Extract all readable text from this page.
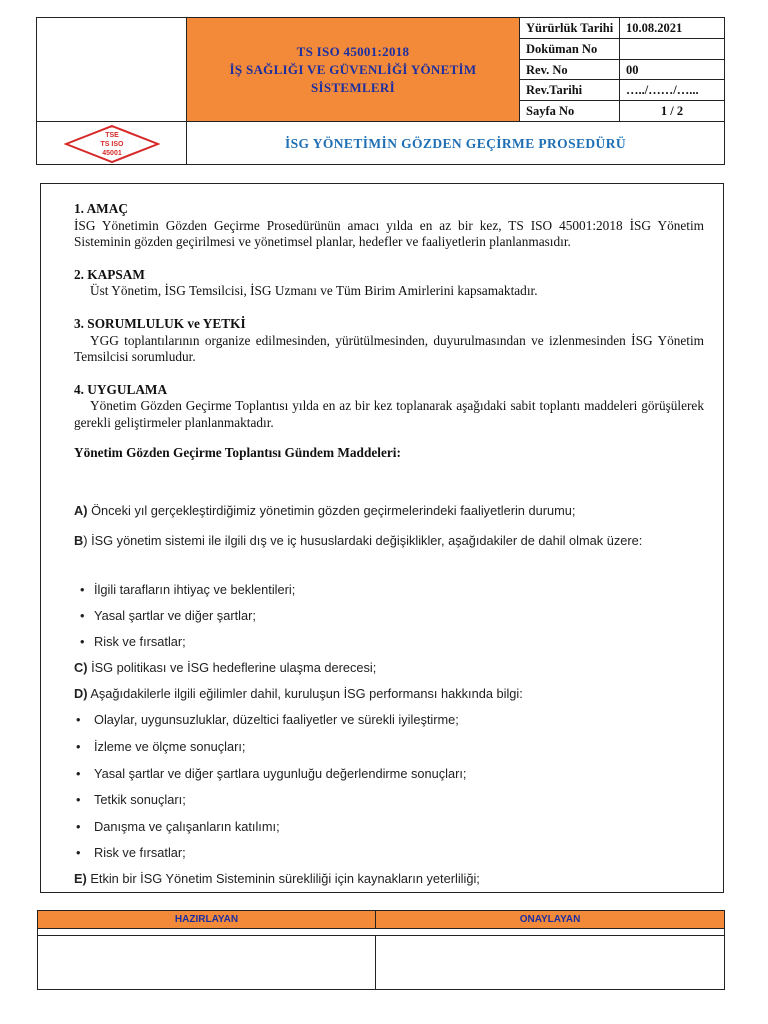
TS ISO 45001:2018
İŞ SAĞLIĞI VE GÜVENLİĞİ YÖNETİM
SİSTEMLERİ
Yürürlük Tarihi	10.08.2021
Doküman No
Rev. No	00
Rev.Tarihi	…../……/…...
Sayfa No	1 / 2
TSE
TS ISO
45001
İSG YÖNETİMİN GÖZDEN GEÇİRME PROSEDÜRÜ
1. AMAÇ

İSG Yönetimin Gözden Geçirme Prosedürünün amacı yılda en az bir kez, TS ISO 45001:2018 İSG Yönetim Sisteminin gözden geçirilmesi ve yönetimsel planlar, hedefler ve faaliyetlerin planlanmasıdır.

2. KAPSAM

Üst Yönetim, İSG Temsilcisi, İSG Uzmanı ve Tüm Birim Amirlerini kapsamaktadır.

3. SORUMLULUK ve YETKİ

YGG toplantılarının organize edilmesinden, yürütülmesinden, duyurulmasından ve izlenmesinden İSG Yönetim Temsilcisi sorumludur.

4. UYGULAMA

Yönetim Gözden Geçirme Toplantısı yılda en az bir kez toplanarak aşağıdaki sabit toplantı maddeleri görüşülerek gerekli geliştirmeler planlanmaktadır.

Yönetim Gözden Geçirme Toplantısı Gündem Maddeleri:
A) Önceki yıl gerçekleştirdiğimiz yönetimin gözden geçirmelerindeki faaliyetlerin durumu;
B) İSG yönetim sistemi ile ilgili dış ve iç hususlardaki değişiklikler, aşağıdakiler de dahil olmak üzere:
• İlgili tarafların ihtiyaç ve beklentileri;
• Yasal şartlar ve diğer şartlar;
• Risk ve fırsatlar;
C) İSG politikası ve İSG hedeflerine ulaşma derecesi;
D) Aşağıdakilerle ilgili eğilimler dahil, kuruluşun İSG performansı hakkında bilgi:
• Olaylar, uygunsuzluklar, düzeltici faaliyetler ve sürekli iyileştirme;
• İzleme ve ölçme sonuçları;
• Yasal şartlar ve diğer şartlara uygunluğu değerlendirme sonuçları;
• Tetkik sonuçları;
• Danışma ve çalışanların katılımı;
• Risk ve fırsatlar;
E) Etkin bir İSG Yönetim Sisteminin sürekliliği için kaynakların yeterliliği;
HAZIRLAYAN	ONAYLAYAN
